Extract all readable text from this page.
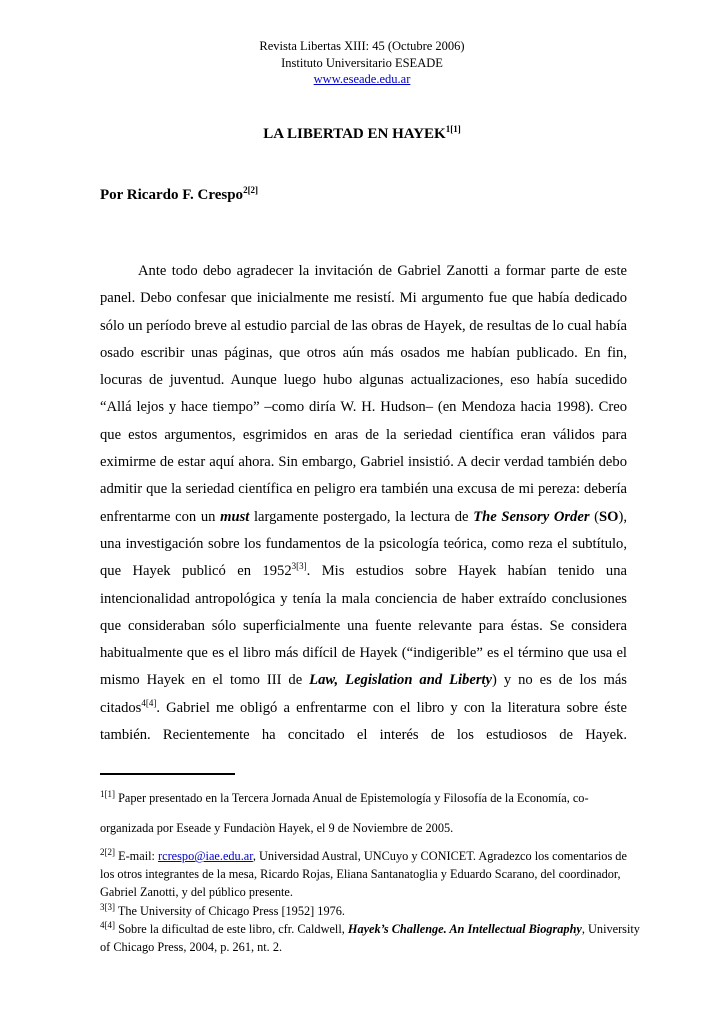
Revista Libertas XIII: 45 (Octubre 2006)
Instituto Universitario ESEADE
www.eseade.edu.ar
LA LIBERTAD EN $HAYEK^{1[1]}$
Por Ricardo F. Crespo$^{2[2]}$
Ante todo debo agradecer la invitación de Gabriel Zanotti a formar parte de este panel. Debo confesar que inicialmente me resistí. Mi argumento fue que había dedicado sólo un período breve al estudio parcial de las obras de Hayek, de resultas de lo cual había osado escribir unas páginas, que otros aún más osados me habían publicado. En fin, locuras de juventud. Aunque luego hubo algunas actualizaciones, eso había sucedido “Allá lejos y hace tiempo” –como diría W. H. Hudson– (en Mendoza hacia 1998). Creo que estos argumentos, esgrimidos en aras de la seriedad científica eran válidos para eximirme de estar aquí ahora. Sin embargo, Gabriel insistió. A decir verdad también debo admitir que la seriedad científica en peligro era también una excusa de mi pereza: debería enfrentarme con un must largamente postergado, la lectura de The Sensory Order (SO), una investigación sobre los fundamentos de la psicología teórica, como reza el subtítulo, que Hayek publicó en $1952^{3[3]}$. Mis estudios sobre Hayek habían tenido una intencionalidad antropológica y tenía la mala conciencia de haber extraído conclusiones que consideraban sólo superficialmente una fuente relevante para éstas. Se considera habitualmente que es el libro más difícil de Hayek (“indigerible” es el término que usa el mismo Hayek en el tomo III de Law, Legislation and Liberty) y no es de los más citados$^{4[4]}$. Gabriel me obligó a enfrentarme con el libro y con la literatura sobre éste también. Recientemente ha concitado el interés de los estudiosos de Hayek.
$^{1[1]}$ Paper presentado en la Tercera Jornada Anual de Epistemología y Filosofía de la Economía, co-organizada por Eseade y Fundaciòn Hayek, el 9 de Noviembre de 2005.
$^{2[2]}$ E-mail: rcrespo@iae.edu.ar, Universidad Austral, UNCuyo y CONICET. Agradezco los comentarios de los otros integrantes de la mesa, Ricardo Rojas, Eliana Santanatoglia y Eduardo Scarano, del coordinador, Gabriel Zanotti, y del público presente.
$^{3[3]}$ The University of Chicago Press [1952] 1976.
$^{4[4]}$ Sobre la dificultad de este libro, cfr. Caldwell, Hayek’s Challenge. An Intellectual Biography, University of Chicago Press, 2004, p. 261, nt. 2.
